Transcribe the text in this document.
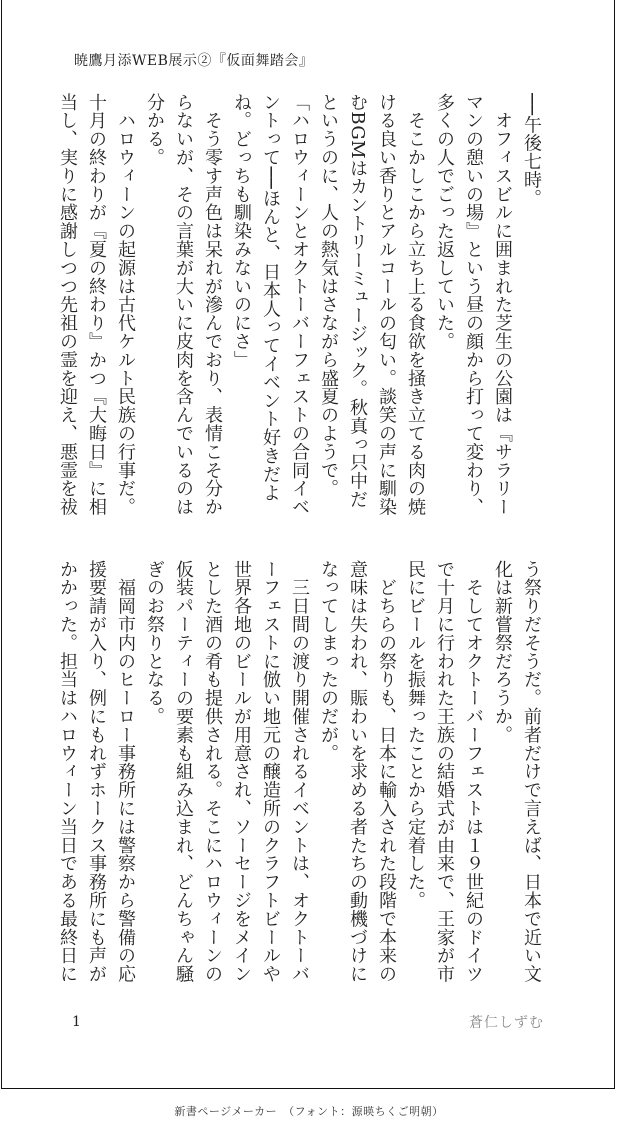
暁鷹月添WEB展示②『仮面舞踏会』

──午後七時。

　オフィスビルに囲まれた芝生の公園は『サラリーマンの憩いの場』という昼の顔から打って変わり、多くの人でごった返していた。

　そこかしこから立ち上る食欲を掻き立てる肉の焼ける良い香りとアルコールの匂い。談笑の声に馴染むBGMはカントリーミュージック。秋真っ只中だというのに、人の熱気はさながら盛夏のようで。

「ハロウィーンとオクトーバーフェストの合同イベントって──ほんと、日本人ってイベント好きだよね。どっちも馴染みないのにさ」

　そう零す声色は呆れが滲んでおり、表情こそ分からないが、その言葉が大いに皮肉を含んでいるのは分かる。

　ハロウィーンの起源は古代ケルト民族の行事だ。十月の終わりが『夏の終わり』かつ『大晦日』に相当し、実りに感謝しつつ先祖の霊を迎え、悪霊を祓

う祭りだそうだ。前者だけで言えば、日本で近い文化は新嘗祭だろうか。

　そしてオクトーバーフェストは１９世紀のドイツで十月に行われた王族の結婚式が由来で、王家が市民にビールを振舞ったことから定着した。

　どちらの祭りも、日本に輸入された段階で本来の意味は失われ、賑わいを求める者たちの動機づけになってしまったのだが。

　三日間の渡り開催されるイベントは、オクトーバーフェストに倣い地元の醸造所のクラフトビールや世界各地のビールが用意され、ソーセージをメインとした酒の肴も提供される。そこにハロウィーンの仮装パーティーの要素も組み込まれ、どんちゃん騒ぎのお祭りとなる。

　福岡市内のヒーロー事務所には警察から警備の応援要請が入り、例にもれずホークス事務所にも声がかかった。担当はハロウィーン当日である最終日に

1	蒼仁しずむ
新書ページメーカー　（フォント：源暎ちくご明朝）
